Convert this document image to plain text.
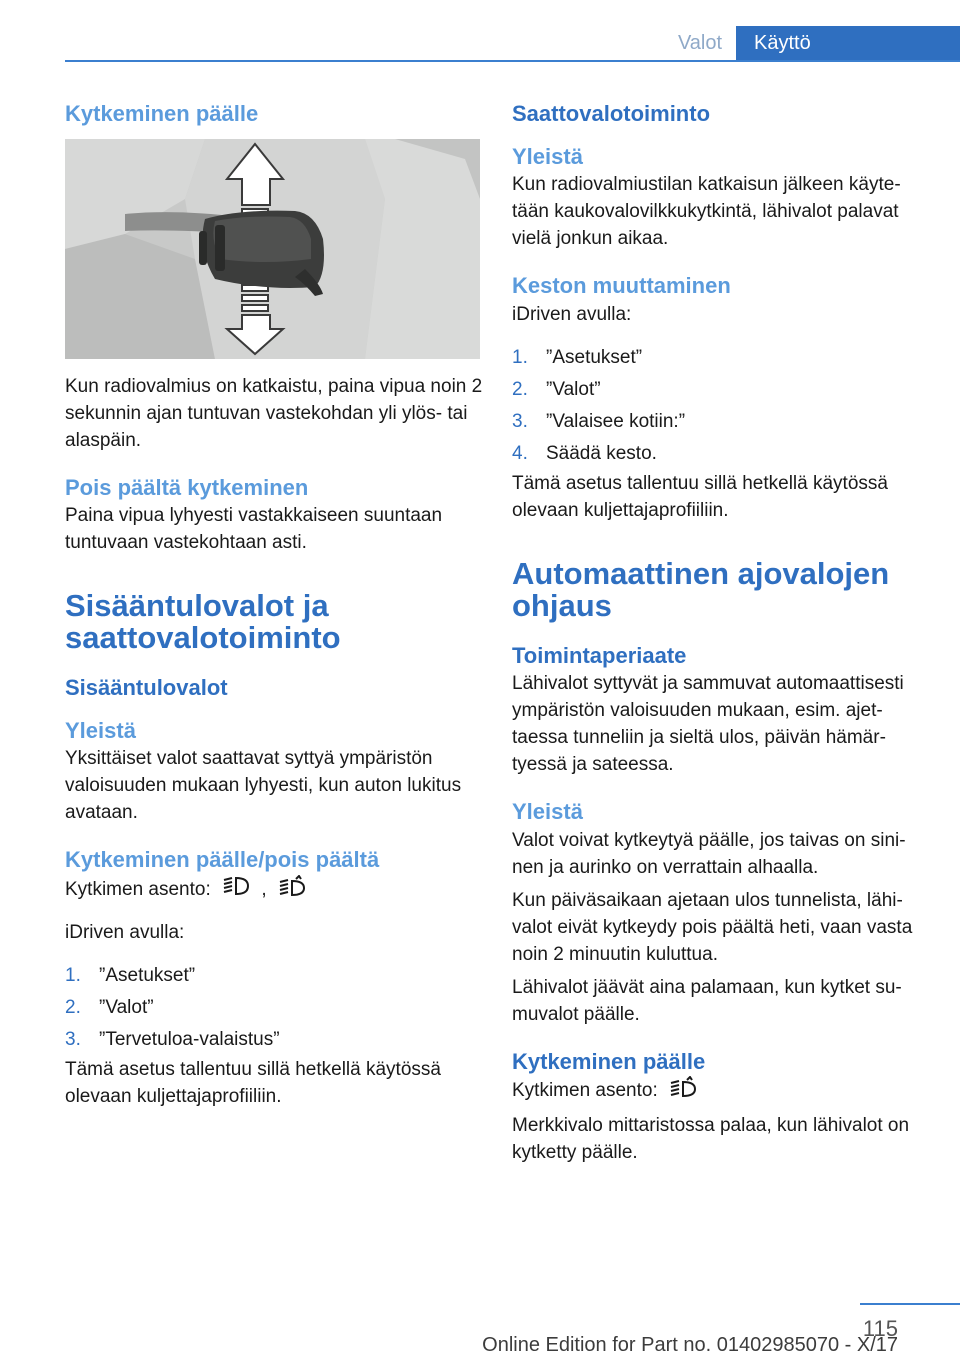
Valot	Käyttö
Kytkeminen päälle

Kun radiovalmius on katkaistu, paina vipua noin 2 sekunnin ajan tuntuvan vastekohdan yli ylös- tai alaspäin.

Pois päältä kytkeminen

Paina vipua lyhyesti vastakkaiseen suuntaan tuntuvaan vastekohtaan asti.

Sisääntulovalot ja saattovalotoiminto
Sisääntulovalot
Yleistä

Yksittäiset valot saattavat syttyä ympäristön valoisuuden mukaan lyhyesti, kun auton lukitus avataan.

Kytkeminen päälle/pois päältä

Kytkimen asento:	,

iDriven avulla:

1. ”Asetukset”
2. ”Valot”
3. ”Tervetuloa-valaistus”

Tämä asetus tallentuu sillä hetkellä käytössä olevaan kuljettajaprofiiliin.

Saattovalotoiminto
Yleistä

Kun radiovalmiustilan katkaisun jälkeen käytetään kaukovalovilkkukytkintä, lähivalot palavat vielä jonkun aikaa.

Keston muuttaminen

iDriven avulla:

1. ”Asetukset”
2. ”Valot”
3. ”Valaisee kotiin:”
4. Säädä kesto.

Tämä asetus tallentuu sillä hetkellä käytössä olevaan kuljettajaprofiiliin.

Automaattinen ajovalojen ohjaus
Toimintaperiaate

Lähivalot syttyvät ja sammuvat automaattisesti ympäristön valoisuuden mukaan, esim. ajettaessa tunneliin ja sieltä ulos, päivän hämärtyessä ja sateessa.

Yleistä

Valot voivat kytkeytyä päälle, jos taivas on sininen ja aurinko on verrattain alhaalla.

Kun päiväsaikaan ajetaan ulos tunnelista, lähivalot eivät kytkeydy pois päältä heti, vaan vasta noin 2 minuutin kuluttua.

Lähivalot jäävät aina palamaan, kun kytket sumuvalot päälle.

Kytkeminen päälle

Kytkimen asento:

Merkkivalo mittaristossa palaa, kun lähivalot on kytketty päälle.

115
Online Edition for Part no. 01402985070 - X/17
